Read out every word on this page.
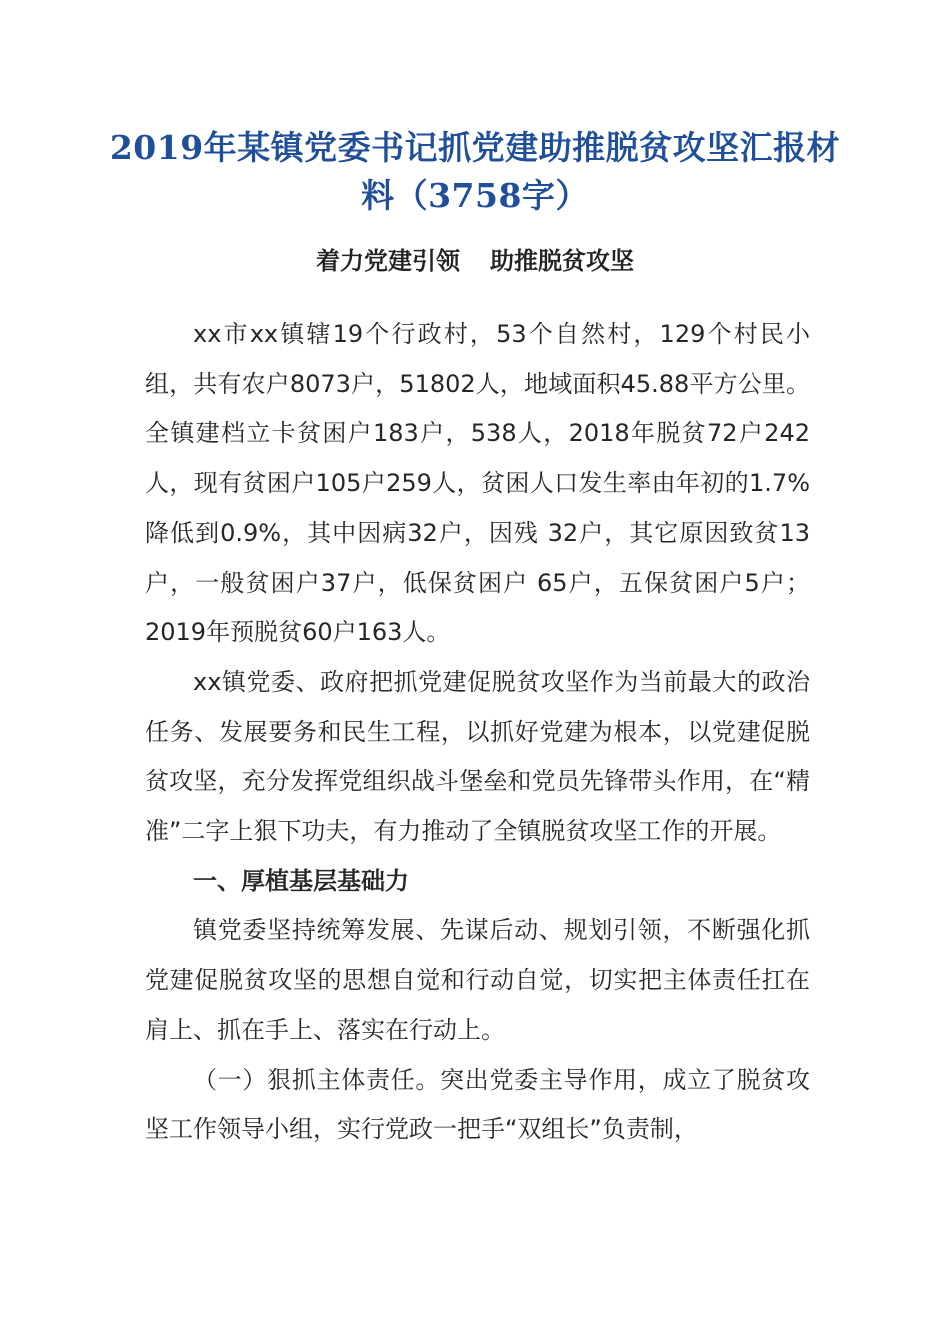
2019年某镇党委书记抓党建助推脱贫攻坚汇报材料（3758字）
着力党建引领 助推脱贫攻坚

xx市xx镇辖19个行政村，53个自然村，129个村民小组，共有农户8073户，51802人，地域面积45.88平方公里。全镇建档立卡贫困户183户，538人，2018年脱贫72户242人，现有贫困户105户259人，贫困人口发生率由年初的1.7%降低到0.9%，其中因病32户，因残 32户，其它原因致贫13户，一般贫困户37户，低保贫困户 65户，五保贫困户5户；2019年预脱贫60户163人。

xx镇党委、政府把抓党建促脱贫攻坚作为当前最大的政治任务、发展要务和民生工程，以抓好党建为根本，以党建促脱贫攻坚，充分发挥党组织战斗堡垒和党员先锋带头作用，在“精准”二字上狠下功夫，有力推动了全镇脱贫攻坚工作的开展。

一、厚植基层基础力

镇党委坚持统筹发展、先谋后动、规划引领，不断强化抓党建促脱贫攻坚的思想自觉和行动自觉，切实把主体责任扛在肩上、抓在手上、落实在行动上。

（一）狠抓主体责任。突出党委主导作用，成立了脱贫攻坚工作领导小组，实行党政一把手“双组长”负责制，
